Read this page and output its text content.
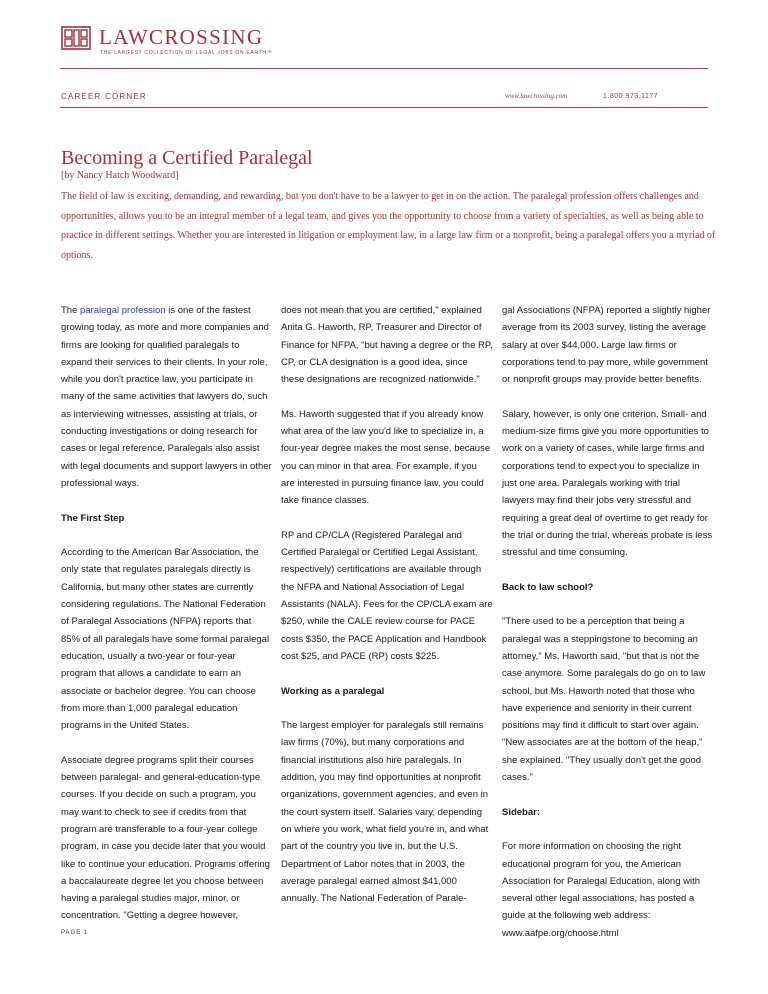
LAWCROSSING
THE LARGEST COLLECTION OF LEGAL JOBS ON EARTH™
CAREER CORNER	www.lawcrossing.com	1.800.973.1177
Becoming a Certified Paralegal
[by Nancy Hatch Woodward]

The field of law is exciting, demanding, and rewarding, but you don't have to be a lawyer to get in on the action. The paralegal profession offers challenges and opportunities, allows you to be an integral member of a legal team, and gives you the opportunity to choose from a variety of specialties, as well as being able to practice in different settings. Whether you are interested in litigation or employment law, in a large law firm or a nonprofit, being a paralegal offers you a myriad of options.

The paralegal profession is one of the fastest growing today, as more and more companies and firms are looking for qualified paralegals to expand their services to their clients. In your role, while you don't practice law, you participate in many of the same activities that lawyers do, such as interviewing witnesses, assisting at trials, or conducting investigations or doing research for cases or legal reference. Paralegals also assist with legal documents and support lawyers in other professional ways.

The First Step

According to the American Bar Association, the only state that regulates paralegals directly is California, but many other states are currently considering regulations. The National Federation of Paralegal Associations (NFPA) reports that 85% of all paralegals have some formal paralegal education, usually a two-year or four-year program that allows a candidate to earn an associate or bachelor degree. You can choose from more than 1,000 paralegal education programs in the United States.

Associate degree programs split their courses between paralegal- and general-education-type courses. If you decide on such a program, you may want to check to see if credits from that program are transferable to a four-year college program, in case you decide later that you would like to continue your education. Programs offering a baccalaureate degree let you choose between having a paralegal studies major, minor, or concentration. "Getting a degree however,

does not mean that you are certified," explained Anita G. Haworth, RP, Treasurer and Director of Finance for NFPA, "but having a degree or the RP, CP, or CLA designation is a good idea, since these designations are recognized nationwide."

Ms. Haworth suggested that if you already know what area of the law you'd like to specialize in, a four-year degree makes the most sense, because you can minor in that area. For example, if you are interested in pursuing finance law, you could take finance classes.

RP and CP/CLA (Registered Paralegal and Certified Paralegal or Certified Legal Assistant, respectively) certifications are available through the NFPA and National Association of Legal Assistants (NALA). Fees for the CP/CLA exam are $250, while the CALE review course for PACE costs $350, the PACE Application and Handbook cost $25, and PACE (RP) costs $225.

Working as a paralegal

The largest employer for paralegals still remains law firms (70%), but many corporations and financial institutions also hire paralegals. In addition, you may find opportunities at nonprofit organizations, government agencies, and even in the court system itself. Salaries vary, depending on where you work, what field you're in, and what part of the country you live in, but the U.S. Department of Labor notes that in 2003, the average paralegal earned almost $41,000 annually. The National Federation of Parale-

gal Associations (NFPA) reported a slightly higher average from its 2003 survey, listing the average salary at over $44,000. Large law firms or corporations tend to pay more, while government or nonprofit groups may provide better benefits.

Salary, however, is only one criterion. Small- and medium-size firms give you more opportunities to work on a variety of cases, while large firms and corporations tend to expect you to specialize in just one area. Paralegals working with trial lawyers may find their jobs very stressful and requiring a great deal of overtime to get ready for the trial or during the trial, whereas probate is less stressful and time consuming.

Back to law school?

"There used to be a perception that being a paralegal was a steppingstone to becoming an attorney," Ms. Haworth said, "but that is not the case anymore. Some paralegals do go on to law school, but Ms. Haworth noted that those who have experience and seniority in their current positions may find it difficult to start over again. "New associates are at the bottom of the heap," she explained. "They usually don't get the good cases."

Sidebar:

For more information on choosing the right educational program for you, the American Association for Paralegal Education, along with several other legal associations, has posted a guide at the following web address: www.aafpe.org/choose.html

PAGE 1
